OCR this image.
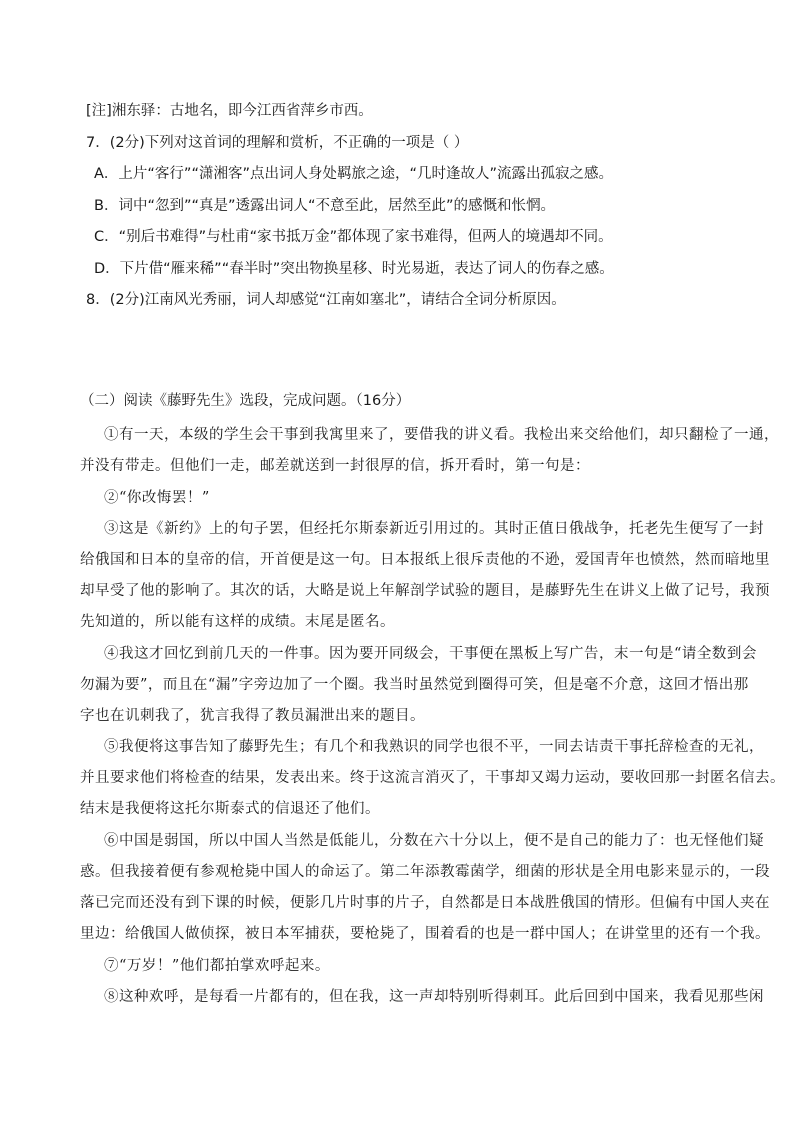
[注]湘东驿：古地名，即今江西省萍乡市西。
7．(2分)下列对这首词的理解和赏析，不正确的一项是（ ）
A．上片“客行”“潇湘客”点出词人身处羁旅之途，“几时逢故人”流露出孤寂之感。
B．词中“忽到”“真是”透露出词人“不意至此，居然至此”的感慨和怅惘。
C．“别后书难得”与杜甫“家书抵万金”都体现了家书难得，但两人的境遇却不同。
D．下片借“雁来稀”“春半时”突出物换星移、时光易逝，表达了词人的伤春之感。
8．(2分)江南风光秀丽，词人却感觉“江南如塞北”，请结合全词分析原因。
（二）阅读《藤野先生》选段，完成问题。（16分）
①有一天，本级的学生会干事到我寓里来了，要借我的讲义看。我检出来交给他们，却只翻检了一通，
并没有带走。但他们一走，邮差就送到一封很厚的信，拆开看时，第一句是：
②“你改悔罢！”
③这是《新约》上的句子罢，但经托尔斯泰新近引用过的。其时正值日俄战争，托老先生便写了一封
给俄国和日本的皇帝的信，开首便是这一句。日本报纸上很斥责他的不逊，爱国青年也愤然，然而暗地里
却早受了他的影响了。其次的话，大略是说上年解剖学试验的题目，是藤野先生在讲义上做了记号，我预
先知道的，所以能有这样的成绩。末尾是匿名。
④我这才回忆到前几天的一件事。因为要开同级会，干事便在黑板上写广告，末一句是“请全数到会
勿漏为要”，而且在“漏”字旁边加了一个圈。我当时虽然觉到圈得可笑，但是毫不介意，这回才悟出那
字也在讥刺我了，犹言我得了教员漏泄出来的题目。
⑤我便将这事告知了藤野先生；有几个和我熟识的同学也很不平，一同去诘责干事托辞检查的无礼，
并且要求他们将检查的结果，发表出来。终于这流言消灭了，干事却又竭力运动，要收回那一封匿名信去。
结末是我便将这托尔斯泰式的信退还了他们。
⑥中国是弱国，所以中国人当然是低能儿，分数在六十分以上，便不是自己的能力了：也无怪他们疑
惑。但我接着便有参观枪毙中国人的命运了。第二年添教霉菌学，细菌的形状是全用电影来显示的，一段
落已完而还没有到下课的时候，便影几片时事的片子，自然都是日本战胜俄国的情形。但偏有中国人夹在
里边：给俄国人做侦探，被日本军捕获，要枪毙了，围着看的也是一群中国人；在讲堂里的还有一个我。
⑦“万岁！”他们都拍掌欢呼起来。
⑧这种欢呼，是每看一片都有的，但在我，这一声却特别听得刺耳。此后回到中国来，我看见那些闲
